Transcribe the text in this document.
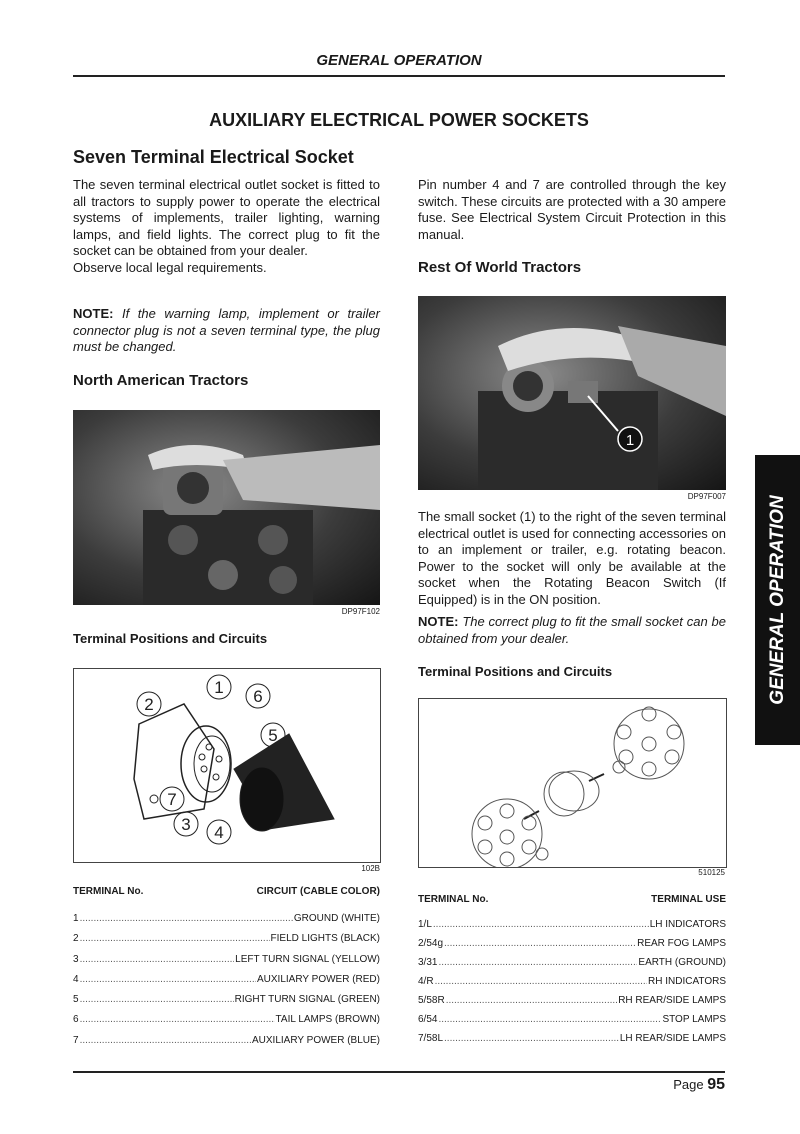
GENERAL OPERATION
AUXILIARY ELECTRICAL POWER SOCKETS
Seven Terminal Electrical Socket
The seven terminal electrical outlet socket is fitted to all tractors to supply power to operate the electrical systems of implements, trailer lighting, warning lamps, and field lights. The correct plug to fit the socket can be obtained from your dealer.
Observe local legal requirements.
NOTE: If the warning lamp, implement or trailer connector plug is not a seven terminal type, the plug must be changed.
North American Tractors
DP97F102
Terminal Positions and Circuits
1
2
3 4
5
6
7
102B
TERMINAL No.	CIRCUIT (CABLE COLOR)
1 .....	GROUND (WHITE)
2 .....	FIELD LIGHTS (BLACK)
3 .....	LEFT TURN SIGNAL (YELLOW)
4 .....	AUXILIARY POWER (RED)
5 .....	RIGHT TURN SIGNAL (GREEN)
6 .....	TAIL LAMPS (BROWN)
7 .....	AUXILIARY POWER (BLUE)
Pin number 4 and 7 are controlled through the key switch. These circuits are protected with a 30 ampere fuse. See Electrical System Circuit Protection in this manual.
Rest Of World Tractors
1
DP97F007
The small socket (1) to the right of the seven terminal electrical outlet is used for connecting accessories on to an implement or trailer, e.g. rotating beacon. Power to the socket will only be available at the socket when the Rotating Beacon Switch (If Equipped) is in the ON position.
NOTE: The correct plug to fit the small socket can be obtained from your dealer.
Terminal Positions and Circuits
510125
TERMINAL No.	TERMINAL USE
1/L .....	LH INDICATORS
2/54g .....	REAR FOG LAMPS
3/31 .....	EARTH (GROUND)
4/R .....	RH INDICATORS
5/58R .....	RH REAR/SIDE LAMPS
6/54 .....	STOP LAMPS
7/58L .....	LH REAR/SIDE LAMPS
GENERAL OPERATION
Page 95
